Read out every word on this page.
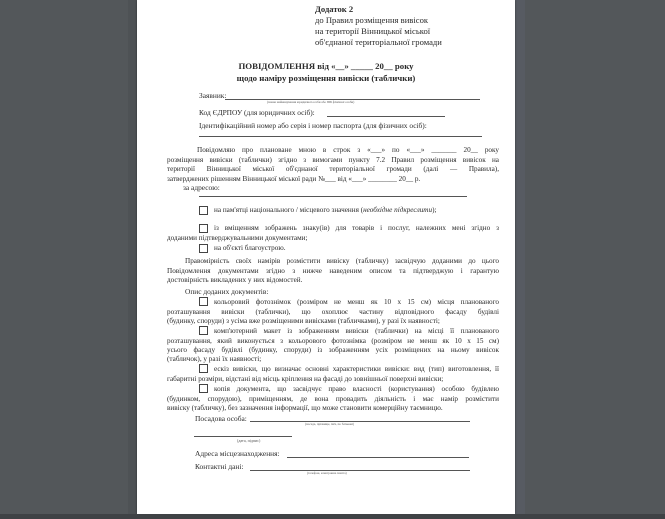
Додаток 2
до Правил розміщення вивісок
на території Вінницької міської
об'єднаної територіальної громади
ПОВІДОМЛЕННЯ від «__» _____ 20__ року
щодо наміру розміщення вивіски (таблички)
Заявник:
(повне найменування юридичної особи або ПІБ фізичної особи)
Код ЄДРПОУ (для юридичних осіб):
Ідентифікаційний номер або серія і номер паспорта (для фізичних осіб):
Повідомляю про плановане мною в строк з «___» по «___» _______ 20__ року
розміщення вивіски (таблички) згідно з вимогами пункту 7.2 Правил розміщення вивісок на
території Вінницької міської об'єднаної територіальної громади (далі — Правила),
затверджених рішенням Вінницької міської ради №___ від «___» ________ 20__ р.
за адресою:
на пам'ятці національного / місцевого значення (необхідне підкреслити);
із вміщенням зображень знаку(ів) для товарів і послуг, належних мені згідно з
доданими підтверджувальними документами;
на об'єкті благоустрою.
Правомірність своїх намірів розмістити вивіску (табличку) засвідчую доданими до цього
Повідомлення документами згідно з нижче наведеним описом та підтверджую і гарантую
достовірність викладених у них відомостей.
Опис доданих документів:
кольоровий фотознімок (розміром не менш як 10 х 15 см) місця планованого
розташування вивіски (таблички), що охоплює частину відповідного фасаду будівлі
(будинку, споруди) з усіма вже розміщеними вивісками (табличками), у разі їх наявності;
комп'ютерний макет із зображенням вивіски (таблички) на місці її планованого
розташування, який виконується з кольорового фотознімка (розміром не менш як 10 х 15 см)
усього фасаду будівлі (будинку, споруди) із зображенням усіх розміщених на ньому вивісок
(табличок), у разі їх наявності;
ескіз вивіски, що визначає основні характеристики вивіски: вид (тип) виготовлення, її
габаритні розміри, відстані від місць кріплення на фасаді до зовнішньої поверхні вивіски;
копія документа, що засвідчує право власності (користування) особою будівлею
(будинком, спорудою), приміщенням, де вона провадить діяльність і має намір розмістити
вивіску (табличку), без зазначення інформації, що може становити комерційну таємницю.
Посадова особа:
(посада, прізвище, ім'я, по батькові)
(дата, підпис)
Адреса місцезнаходження:
Контактні дані:
(телефон, електронна пошта)
